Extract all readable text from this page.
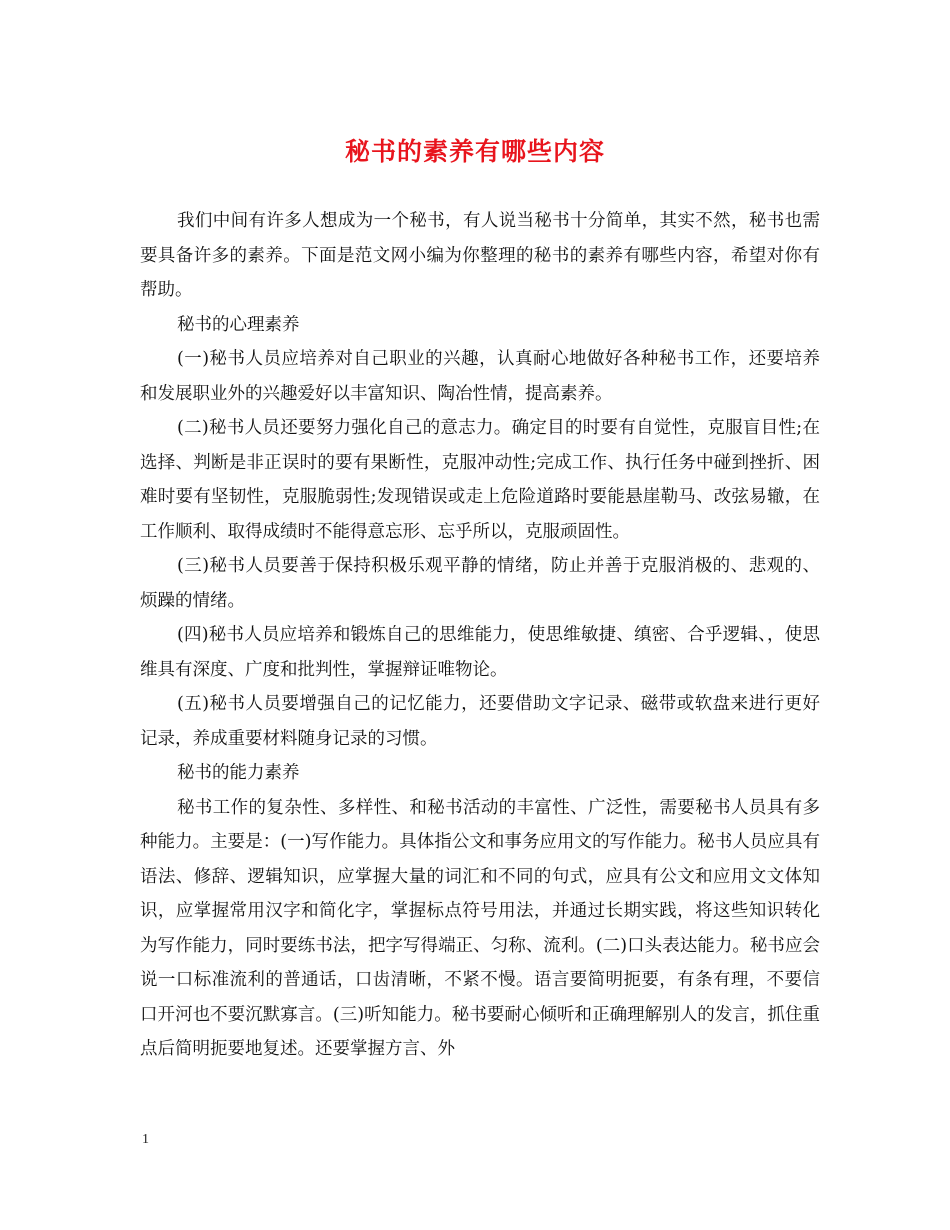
秘书的素养有哪些内容

我们中间有许多人想成为一个秘书，有人说当秘书十分简单，其实不然，秘书也需要具备许多的素养。下面是范文网小编为你整理的秘书的素养有哪些内容，希望对你有帮助。

秘书的心理素养

(一)秘书人员应培养对自己职业的兴趣，认真耐心地做好各种秘书工作，还要培养和发展职业外的兴趣爱好以丰富知识、陶冶性情，提高素养。

(二)秘书人员还要努力强化自己的意志力。确定目的时要有自觉性，克服盲目性;在选择、判断是非正误时的要有果断性，克服冲动性;完成工作、执行任务中碰到挫折、困难时要有坚韧性，克服脆弱性;发现错误或走上危险道路时要能悬崖勒马、改弦易辙，在工作顺利、取得成绩时不能得意忘形、忘乎所以，克服顽固性。

(三)秘书人员要善于保持积极乐观平静的情绪，防止并善于克服消极的、悲观的、烦躁的情绪。

(四)秘书人员应培养和锻炼自己的思维能力，使思维敏捷、缜密、合乎逻辑、，使思维具有深度、广度和批判性，掌握辩证唯物论。

(五)秘书人员要增强自己的记忆能力，还要借助文字记录、磁带或软盘来进行更好记录，养成重要材料随身记录的习惯。

秘书的能力素养

秘书工作的复杂性、多样性、和秘书活动的丰富性、广泛性，需要秘书人员具有多种能力。主要是：(一)写作能力。具体指公文和事务应用文的写作能力。秘书人员应具有语法、修辞、逻辑知识，应掌握大量的词汇和不同的句式，应具有公文和应用文文体知识，应掌握常用汉字和简化字，掌握标点符号用法，并通过长期实践，将这些知识转化为写作能力，同时要练书法，把字写得端正、匀称、流利。(二)口头表达能力。秘书应会说一口标准流利的普通话，口齿清晰，不紧不慢。语言要简明扼要，有条有理，不要信口开河也不要沉默寡言。(三)听知能力。秘书要耐心倾听和正确理解别人的发言，抓住重点后简明扼要地复述。还要掌握方言、外

1
